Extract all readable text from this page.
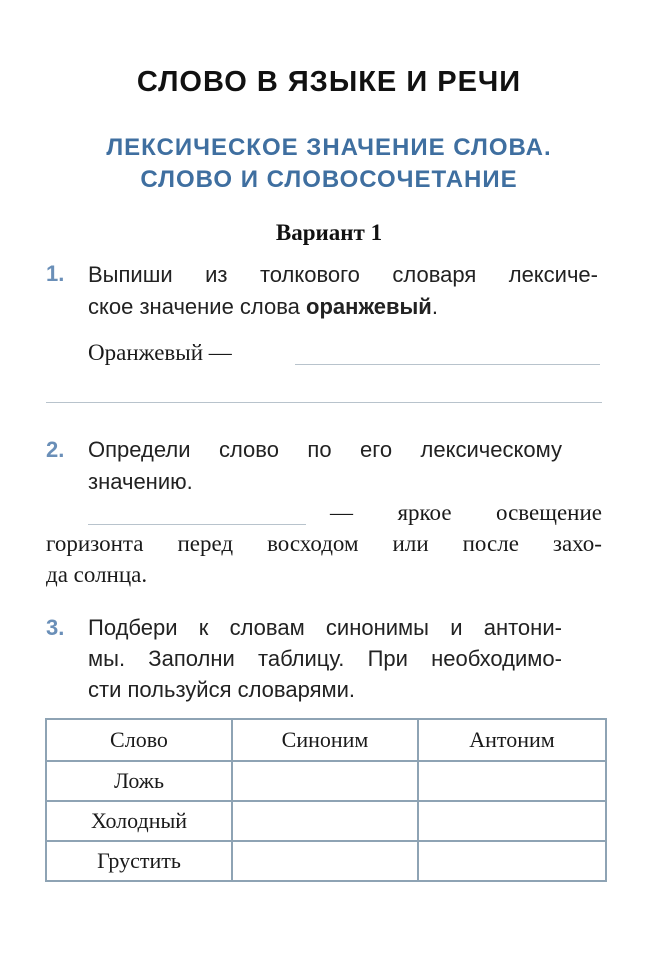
СЛОВО В ЯЗЫКЕ И РЕЧИ
ЛЕКСИЧЕСКОЕ ЗНАЧЕНИЕ СЛОВА.
СЛОВО И СЛОВОСОЧЕТАНИЕ
Вариант 1
1. Выпиши из толкового словаря лексиче-
ское значение слова оранжевый.
Оранжевый —
2. Определи слово по его лексическому
значению.
— яркое освещение
горизонта перед восходом или после захо-
да солнца.
3. Подбери к словам синонимы и антони-
мы. Заполни таблицу. При необходимо-
сти пользуйся словарями.
Слово	Синоним	Антоним
Ложь		
Холодный		
Грустить		
